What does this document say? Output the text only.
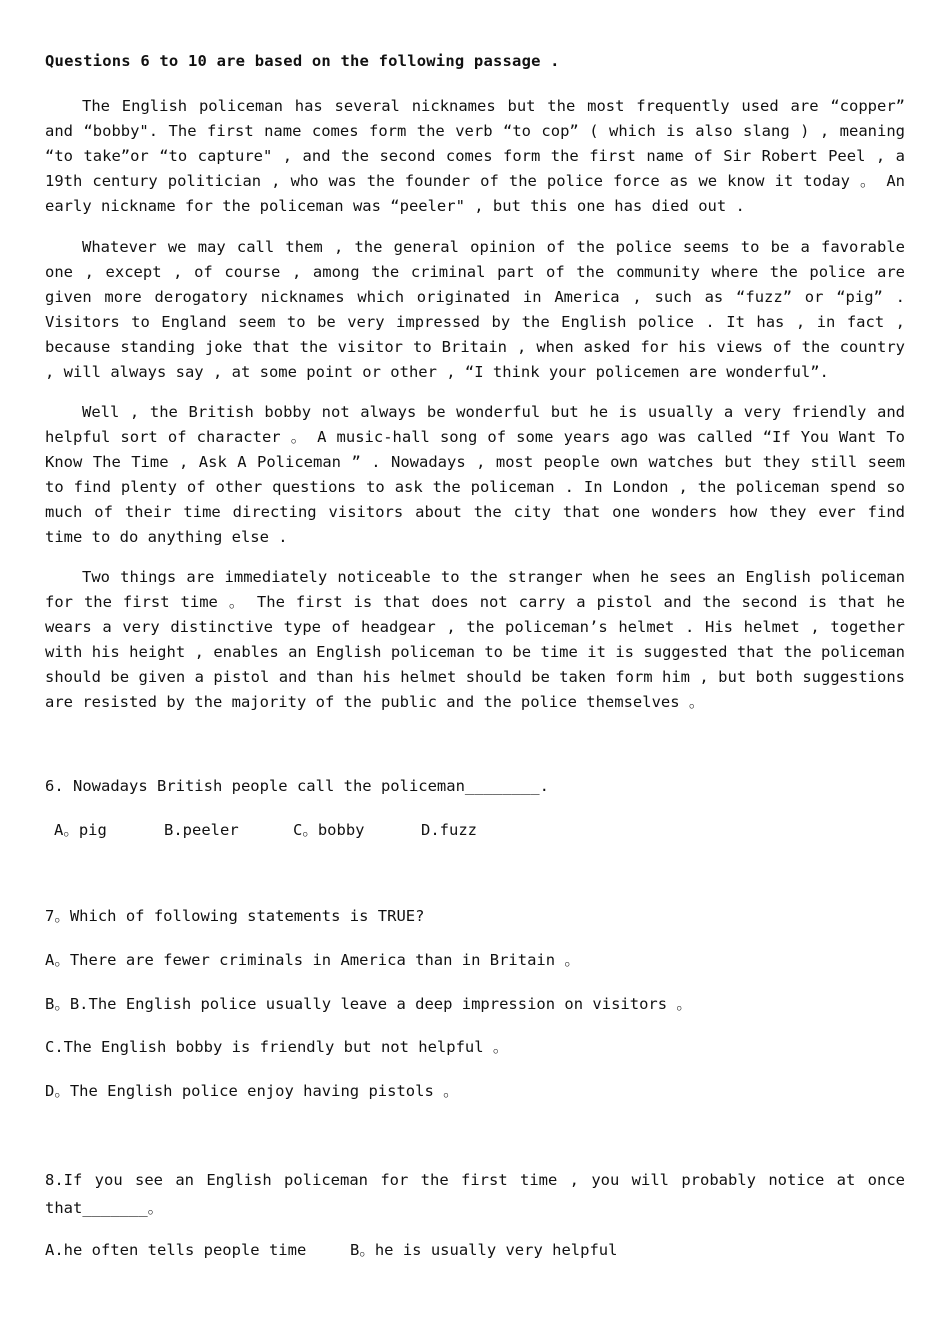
Questions 6 to 10 are based on the following passage .

The English policeman has several nicknames but the most frequently used are “copper” and “bobby". The first name comes form the verb “to cop” ( which is also slang ) , meaning “to take”or “to capture" , and the second comes form the first name of Sir Robert Peel , a 19th century politician , who was the founder of the police force as we know it today 。 An early nickname for the policeman was “peeler" , but this one has died out .

Whatever we may call them , the general opinion of the police seems to be a favorable one , except , of course , among the criminal part of the community where the police are given more derogatory nicknames which originated in America , such as “fuzz” or “pig” . Visitors to England seem to be very impressed by the English police . It has , in fact , because standing joke that the visitor to Britain , when asked for his views of the country , will always say , at some point or other , “I think your policemen are wonderful”.

Well , the British bobby not always be wonderful but he is usually a very friendly and helpful sort of character 。 A music-hall song of some years ago was called “If You Want To Know The Time , Ask A Policeman ” . Nowadays , most people own watches but they still seem to find plenty of other questions to ask the policeman . In London , the policeman spend so much of their time directing visitors about the city that one wonders how they ever find time to do anything else .

Two things are immediately noticeable to the stranger when he sees an English policeman for the first time 。 The first is that does not carry a pistol and the second is that he wears a very distinctive type of headgear , the policeman’s helmet . His helmet , together with his height , enables an English policeman to be time it is suggested that the policeman should be given a pistol and than his helmet should be taken form him , but both suggestions are resisted by the majority of the public and the police themselves 。

6. Nowadays British people call the policeman________.
A。pig	B.peeler	C。bobby	D.fuzz
7。Which of following statements is TRUE?
A。There are fewer criminals in America than in Britain 。
B。B.The English police usually leave a deep impression on visitors 。
C.The English bobby is friendly but not helpful 。
D。The English police enjoy having pistols 。

8.If you see an English policeman for the first time , you will probably notice at once that_______。

A.he often tells people time	B。he is usually very helpful
